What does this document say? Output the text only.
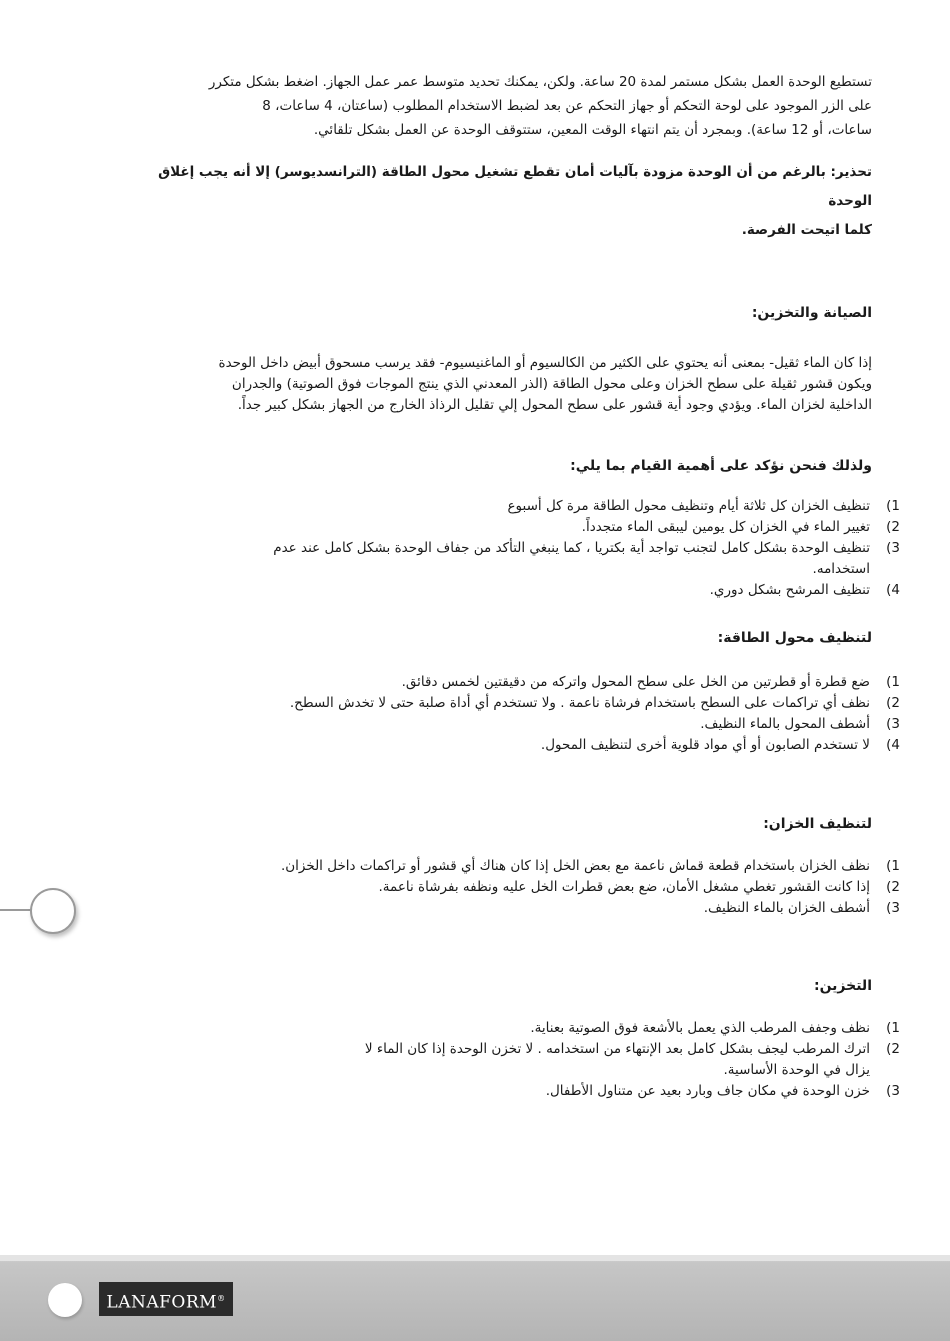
تستطيع الوحدة العمل بشكل مستمر لمدة 20 ساعة. ولكن، يمكنك تحديد متوسط عمر عمل الجهاز. اضغط بشكل متكرر

على الزر الموجود على لوحة التحكم أو جهاز التحكم عن بعد لضبط الاستخدام المطلوب (ساعتان، 4 ساعات، 8

ساعات، أو 12 ساعة). وبمجرد أن يتم انتهاء الوقت المعين، ستتوقف الوحدة عن العمل بشكل تلقائي.

تحذير: بالرغم من أن الوحدة مزودة بآليات أمان تقطع تشغيل محول الطاقة (الترانسديوسر) إلا أنه يجب إغلاق الوحدة

كلما اتيحت الفرصة.

الصيانة والتخزين:

إذا كان الماء ثقيل- بمعنى أنه يحتوي على الكثير من الكالسيوم أو الماغنيسيوم- فقد يرسب مسحوق أبيض داخل الوحدة

ويكون قشور ثقيلة على سطح الخزان وعلى محول الطاقة (الذر المعدني الذي ينتج الموجات فوق الصوتية) والجدران

الداخلية لخزان الماء. ويؤدي وجود أية قشور على سطح المحول إلي تقليل الرذاذ الخارج من الجهاز بشكل كبير جداً.

ولذلك فنحن نؤكد على أهمية القيام بما يلي:
1)
تنظيف الخزان كل ثلاثة أيام وتنظيف محول الطاقة مرة كل أسبوع
2)
تغيير الماء في الخزان كل يومين ليبقى الماء متجدداً.
3)
تنظيف الوحدة بشكل كامل لتجنب تواجد أية بكتريا ، كما ينبغي التأكد من جفاف الوحدة بشكل كامل عند عدم استخدامه.
4)
تنظيف المرشح بشكل دوري.
لتنظيف محول الطاقة:
1)
ضع قطرة أو قطرتين من الخل على سطح المحول واتركه من دقيقتين لخمس دقائق.
2)
نظف أي تراكمات على السطح باستخدام فرشاة ناعمة . ولا تستخدم أي أداة صلبة حتى لا تخدش السطح.
3)
أشطف المحول بالماء النظيف.
4)
لا تستخدم الصابون أو أي مواد قلوية أخرى لتنظيف المحول.
لتنظيف الخزان:
1)
نظف الخزان باستخدام قطعة قماش ناعمة مع بعض الخل إذا كان هناك أي قشور أو تراكمات داخل الخزان.
2)
إذا كانت القشور تغطي مشغل الأمان، ضع بعض قطرات الخل عليه ونظفه بفرشاة ناعمة.
3)
أشطف الخزان بالماء النظيف.
التخزين:
1)
نظف وجفف المرطب الذي يعمل بالأشعة فوق الصوتية بعناية.
2)
اترك المرطب ليجف بشكل كامل بعد الإنتهاء من استخدامه . لا تخزن الوحدة إذا كان الماء لا يزال في الوحدة الأساسية.
3)
خزن الوحدة في مكان جاف وبارد بعيد عن متناول الأطفال.
LANAFORM®
